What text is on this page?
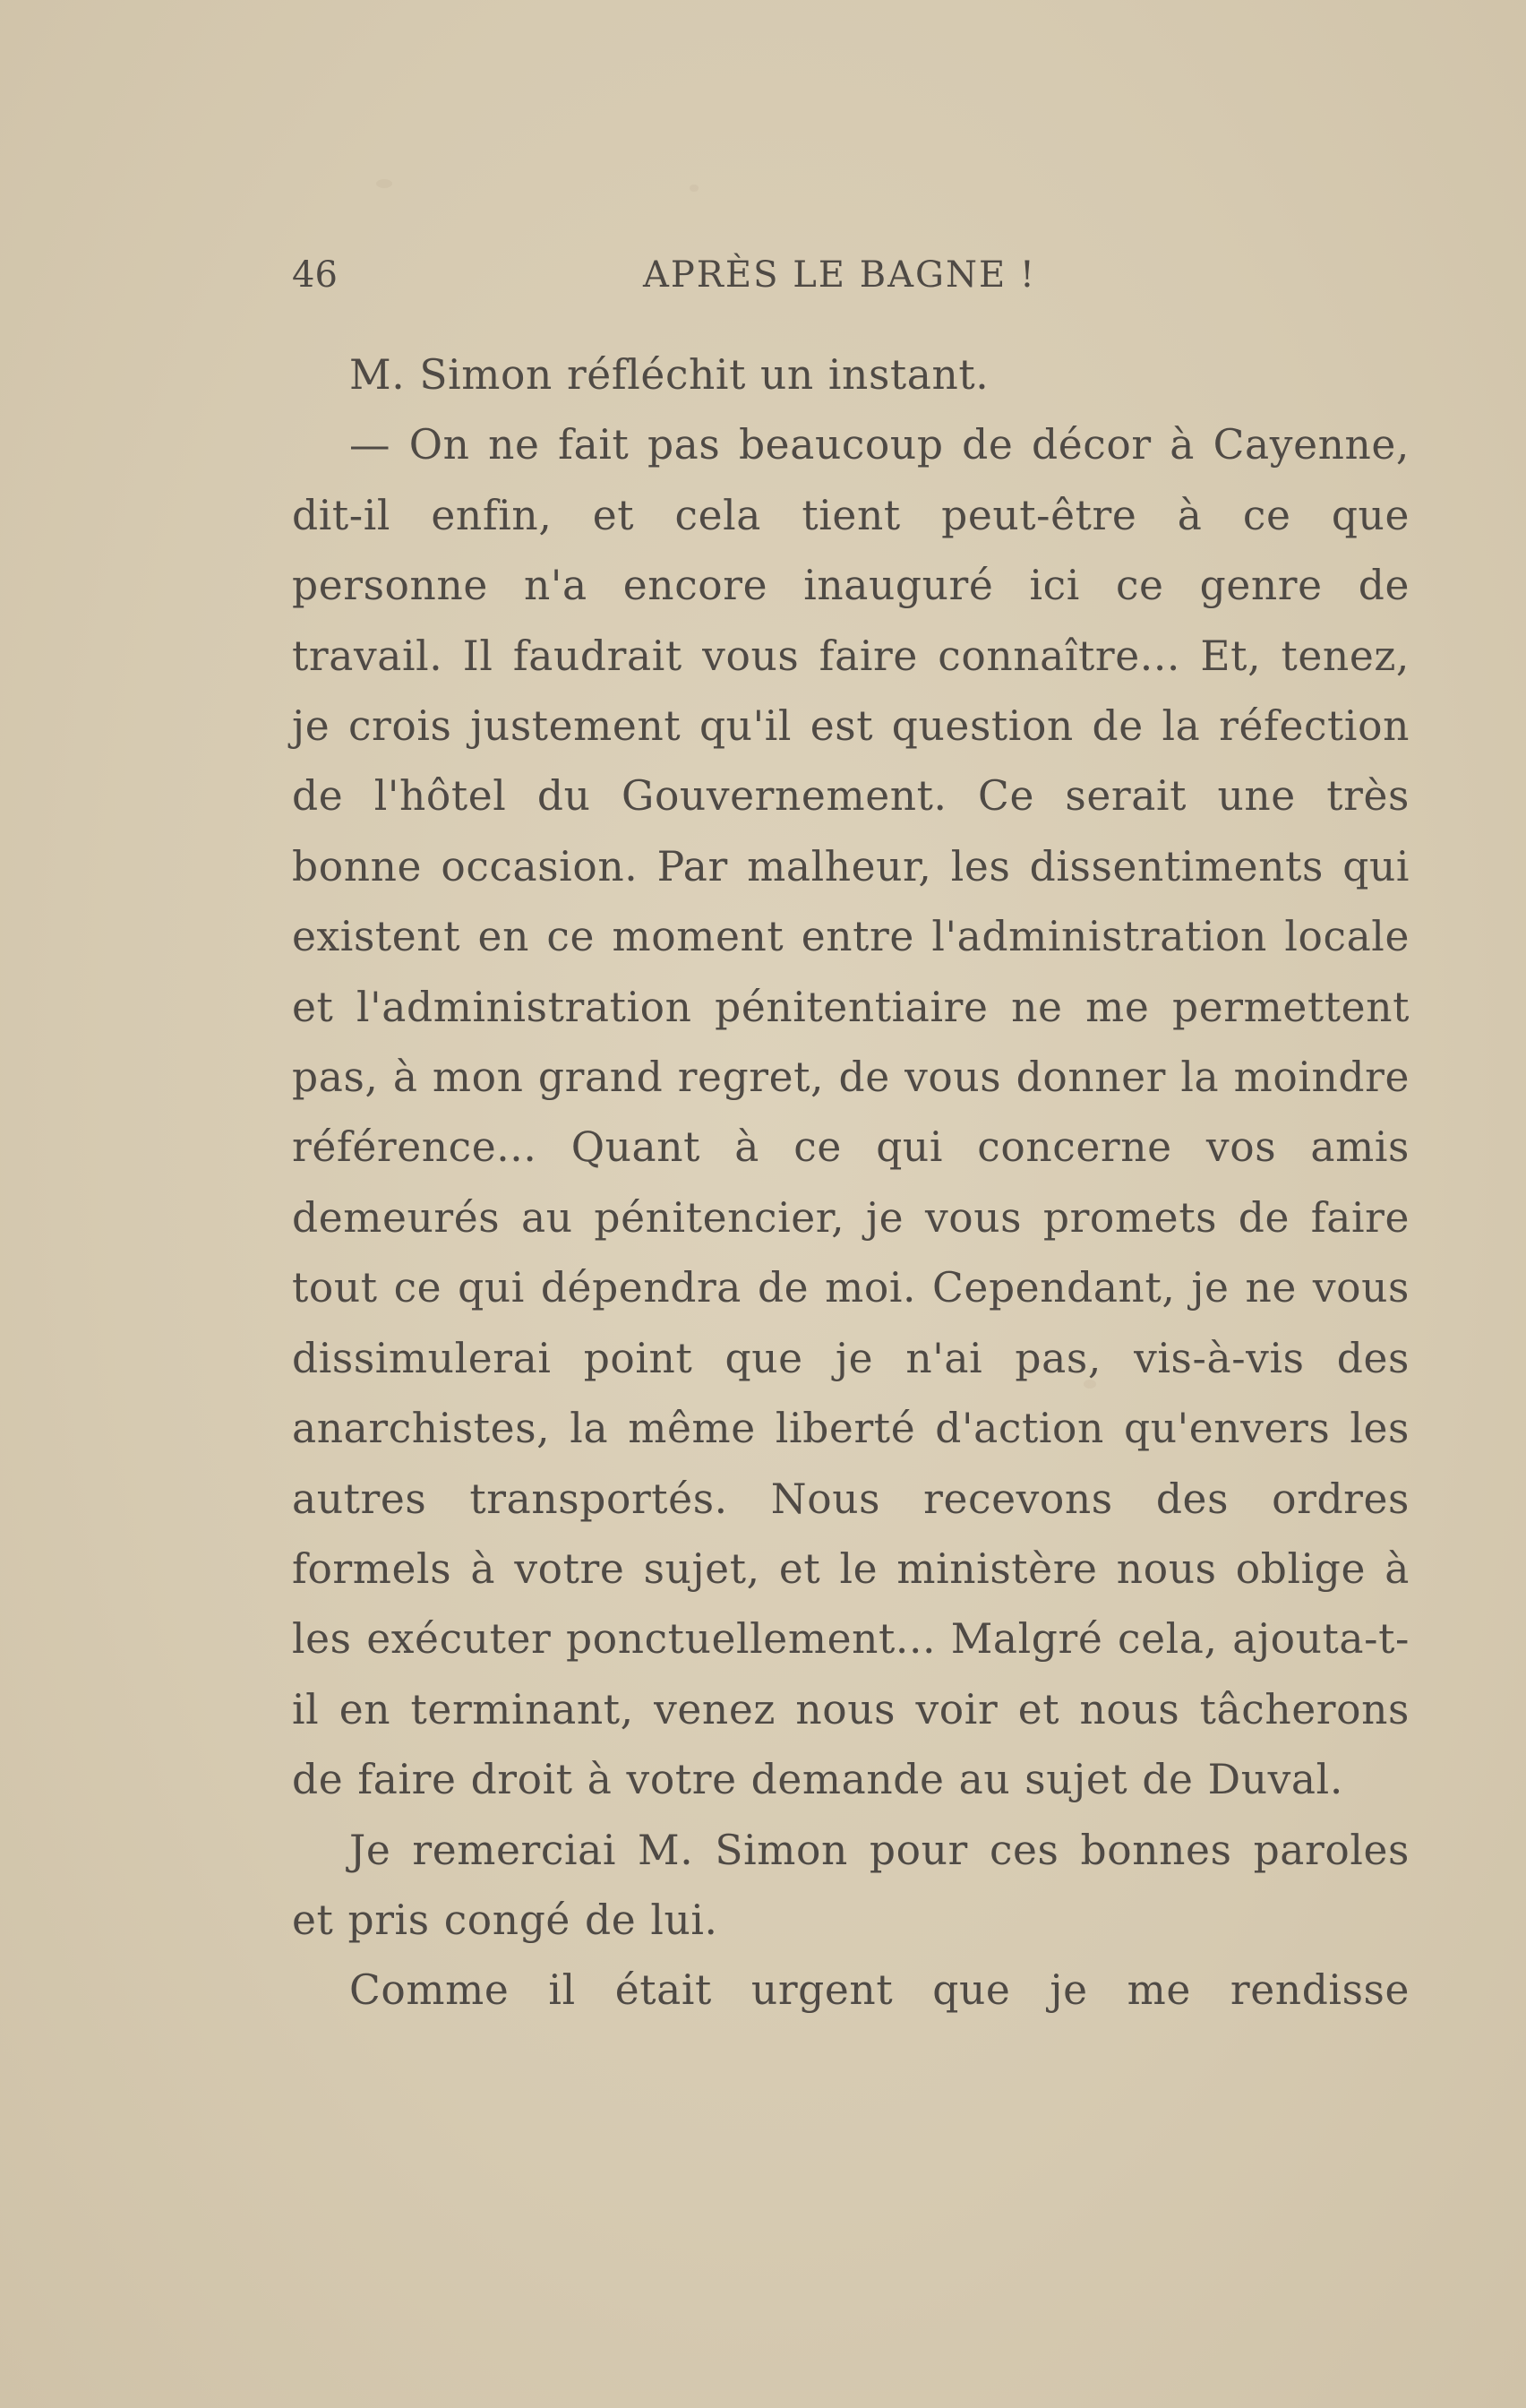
46	APRÈS LE BAGNE !

M. Simon réfléchit un instant.

— On ne fait pas beaucoup de décor à Cayenne, dit-il enfin, et cela tient peut-être à ce que personne n'a encore inauguré ici ce genre de travail. Il faudrait vous faire connaître... Et, tenez, je crois justement qu'il est question de la réfection de l'hôtel du Gouvernement. Ce serait une très bonne occasion. Par malheur, les dissentiments qui existent en ce moment entre l'administration locale et l'administration pénitentiaire ne me permettent pas, à mon grand regret, de vous donner la moindre référence... Quant à ce qui concerne vos amis demeurés au pénitencier, je vous promets de faire tout ce qui dépendra de moi. Cependant, je ne vous dissimulerai point que je n'ai pas, vis-à-vis des anarchistes, la même liberté d'action qu'envers les autres transportés. Nous recevons des ordres formels à votre sujet, et le ministère nous oblige à les exécuter ponctuellement... Malgré cela, ajouta-t-il en terminant, venez nous voir et nous tâcherons de faire droit à votre demande au sujet de Duval.

Je remerciai M. Simon pour ces bonnes paroles et pris congé de lui.

Comme il était urgent que je me rendisse
